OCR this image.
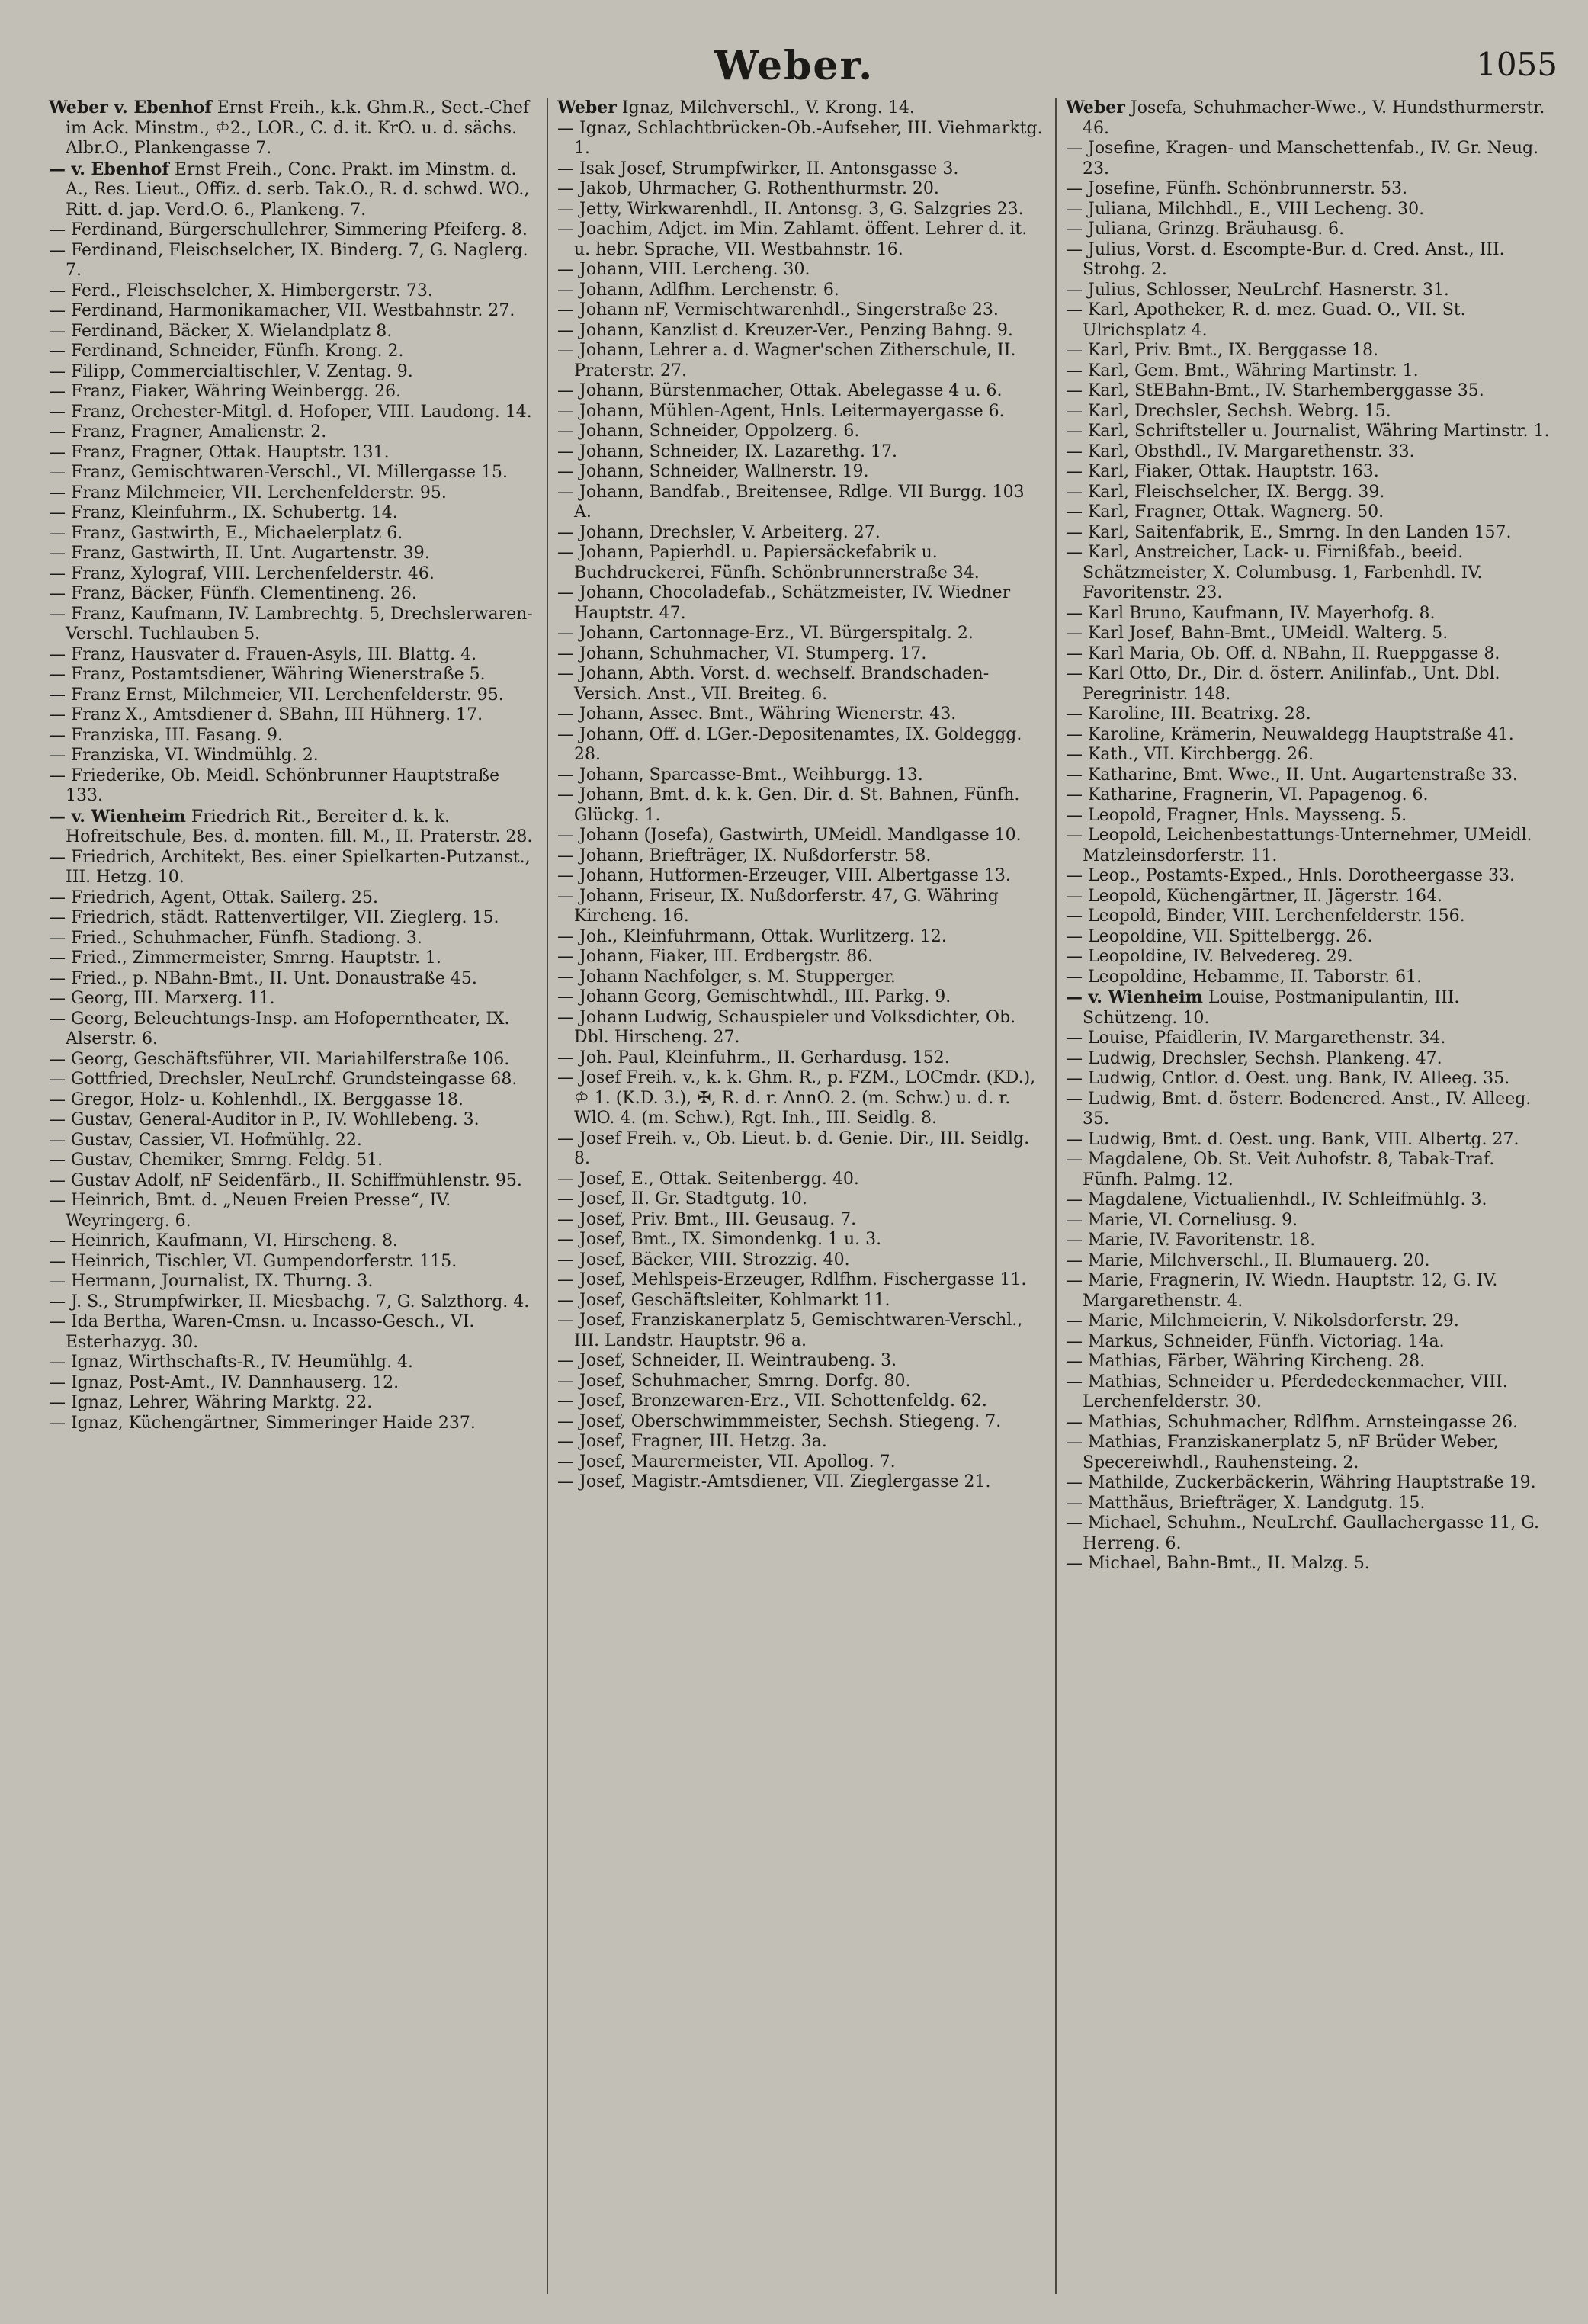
Weber.	1055

Weber v. Ebenhof Ernst Freih., k.k. Ghm.R., Sect.-Chef im Ack. Minstm., ♔2., LOR., C. d. it. KrO. u. d. sächs. Albr.O., Plankengasse 7.

— v. Ebenhof Ernst Freih., Conc. Prakt. im Minstm. d. A., Res. Lieut., Offiz. d. serb. Tak.O., R. d. schwd. WO., Ritt. d. jap. Verd.O. 6., Plankeng. 7.

— Ferdinand, Bürgerschullehrer, Simmering Pfeiferg. 8.

— Ferdinand, Fleischselcher, IX. Binderg. 7, G. Naglerg. 7.

— Ferd., Fleischselcher, X. Himbergerstr. 73.

— Ferdinand, Harmonikamacher, VII. Westbahnstr. 27.

— Ferdinand, Bäcker, X. Wielandplatz 8.

— Ferdinand, Schneider, Fünfh. Krong. 2.

— Filipp, Commercialtischler, V. Zentag. 9.

— Franz, Fiaker, Währing Weinbergg. 26.

— Franz, Orchester-Mitgl. d. Hofoper, VIII. Laudong. 14.

— Franz, Fragner, Amalienstr. 2.

— Franz, Fragner, Ottak. Hauptstr. 131.

— Franz, Gemischtwaren-Verschl., VI. Millergasse 15.

— Franz Milchmeier, VII. Lerchenfelderstr. 95.

— Franz, Kleinfuhrm., IX. Schubertg. 14.

— Franz, Gastwirth, E., Michaelerplatz 6.

— Franz, Gastwirth, II. Unt. Augartenstr. 39.

— Franz, Xylograf, VIII. Lerchenfelderstr. 46.

— Franz, Bäcker, Fünfh. Clementineng. 26.

— Franz, Kaufmann, IV. Lambrechtg. 5, Drechslerwaren-Verschl. Tuchlauben 5.

— Franz, Hausvater d. Frauen-Asyls, III. Blattg. 4.

— Franz, Postamtsdiener, Währing Wienerstraße 5.

— Franz Ernst, Milchmeier, VII. Lerchenfelderstr. 95.

— Franz X., Amtsdiener d. SBahn, III Hühnerg. 17.

— Franziska, III. Fasang. 9.

— Franziska, VI. Windmühlg. 2.

— Friederike, Ob. Meidl. Schönbrunner Hauptstraße 133.

— v. Wienheim Friedrich Rit., Bereiter d. k. k. Hofreitschule, Bes. d. monten. fill. M., II. Praterstr. 28.

— Friedrich, Architekt, Bes. einer Spielkarten-Putzanst., III. Hetzg. 10.

— Friedrich, Agent, Ottak. Sailerg. 25.

— Friedrich, städt. Rattenvertilger, VII. Zieglerg. 15.

— Fried., Schuhmacher, Fünfh. Stadiong. 3.

— Fried., Zimmermeister, Smrng. Hauptstr. 1.

— Fried., p. NBahn-Bmt., II. Unt. Donaustraße 45.

— Georg, III. Marxerg. 11.

— Georg, Beleuchtungs-Insp. am Hofoperntheater, IX. Alserstr. 6.

— Georg, Geschäftsführer, VII. Mariahilferstraße 106.

— Gottfried, Drechsler, NeuLrchf. Grundsteingasse 68.

— Gregor, Holz- u. Kohlenhdl., IX. Berggasse 18.

— Gustav, General-Auditor in P., IV. Wohllebeng. 3.

— Gustav, Cassier, VI. Hofmühlg. 22.

— Gustav, Chemiker, Smrng. Feldg. 51.

— Gustav Adolf, nF Seidenfärb., II. Schiffmühlenstr. 95.

— Heinrich, Bmt. d. „Neuen Freien Presse“, IV. Weyringerg. 6.

— Heinrich, Kaufmann, VI. Hirscheng. 8.

— Heinrich, Tischler, VI. Gumpendorferstr. 115.

— Hermann, Journalist, IX. Thurng. 3.

— J. S., Strumpfwirker, II. Miesbachg. 7, G. Salzthorg. 4.

— Ida Bertha, Waren-Cmsn. u. Incasso-Gesch., VI. Esterhazyg. 30.

— Ignaz, Wirthschafts-R., IV. Heumühlg. 4.

— Ignaz, Post-Amt., IV. Dannhauserg. 12.

— Ignaz, Lehrer, Währing Marktg. 22.

— Ignaz, Küchengärtner, Simmeringer Haide 237.

Weber Ignaz, Milchverschl., V. Krong. 14.

— Ignaz, Schlachtbrücken-Ob.-Aufseher, III. Viehmarktg. 1.

— Isak Josef, Strumpfwirker, II. Antonsgasse 3.

— Jakob, Uhrmacher, G. Rothenthurmstr. 20.

— Jetty, Wirkwarenhdl., II. Antonsg. 3, G. Salzgries 23.

— Joachim, Adjct. im Min. Zahlamt. öffent. Lehrer d. it. u. hebr. Sprache, VII. Westbahnstr. 16.

— Johann, VIII. Lercheng. 30.

— Johann, Adlfhm. Lerchenstr. 6.

— Johann nF, Vermischtwarenhdl., Singerstraße 23.

— Johann, Kanzlist d. Kreuzer-Ver., Penzing Bahng. 9.

— Johann, Lehrer a. d. Wagner'schen Zitherschule, II. Praterstr. 27.

— Johann, Bürstenmacher, Ottak. Abelegasse 4 u. 6.

— Johann, Mühlen-Agent, Hnls. Leitermayergasse 6.

— Johann, Schneider, Oppolzerg. 6.

— Johann, Schneider, IX. Lazarethg. 17.

— Johann, Schneider, Wallnerstr. 19.

— Johann, Bandfab., Breitensee, Rdlge. VII Burgg. 103 A.

— Johann, Drechsler, V. Arbeiterg. 27.

— Johann, Papierhdl. u. Papiersäckefabrik u. Buchdruckerei, Fünfh. Schönbrunnerstraße 34.

— Johann, Chocoladefab., Schätzmeister, IV. Wiedner Hauptstr. 47.

— Johann, Cartonnage-Erz., VI. Bürgerspitalg. 2.

— Johann, Schuhmacher, VI. Stumperg. 17.

— Johann, Abth. Vorst. d. wechself. Brandschaden-Versich. Anst., VII. Breiteg. 6.

— Johann, Assec. Bmt., Währing Wienerstr. 43.

— Johann, Off. d. LGer.-Depositenamtes, IX. Goldeggg. 28.

— Johann, Sparcasse-Bmt., Weihburgg. 13.

— Johann, Bmt. d. k. k. Gen. Dir. d. St. Bahnen, Fünfh. Glückg. 1.

— Johann (Josefa), Gastwirth, UMeidl. Mandlgasse 10.

— Johann, Briefträger, IX. Nußdorferstr. 58.

— Johann, Hutformen-Erzeuger, VIII. Albertgasse 13.

— Johann, Friseur, IX. Nußdorferstr. 47, G. Währing Kircheng. 16.

— Joh., Kleinfuhrmann, Ottak. Wurlitzerg. 12.

— Johann, Fiaker, III. Erdbergstr. 86.

— Johann Nachfolger, s. M. Stupperger.

— Johann Georg, Gemischtwhdl., III. Parkg. 9.

— Johann Ludwig, Schauspieler und Volksdichter, Ob. Dbl. Hirscheng. 27.

— Joh. Paul, Kleinfuhrm., II. Gerhardusg. 152.

— Josef Freih. v., k. k. Ghm. R., p. FZM., LOCmdr. (KD.), ♔ 1. (K.D. 3.), ✠, R. d. r. AnnO. 2. (m. Schw.) u. d. r. WlO. 4. (m. Schw.), Rgt. Inh., III. Seidlg. 8.

— Josef Freih. v., Ob. Lieut. b. d. Genie. Dir., III. Seidlg. 8.

— Josef, E., Ottak. Seitenbergg. 40.

— Josef, II. Gr. Stadtgutg. 10.

— Josef, Priv. Bmt., III. Geusaug. 7.

— Josef, Bmt., IX. Simondenkg. 1 u. 3.

— Josef, Bäcker, VIII. Strozzig. 40.

— Josef, Mehlspeis-Erzeuger, Rdlfhm. Fischergasse 11.

— Josef, Geschäftsleiter, Kohlmarkt 11.

— Josef, Franziskanerplatz 5, Gemischtwaren-Verschl., III. Landstr. Hauptstr. 96 a.

— Josef, Schneider, II. Weintraubeng. 3.

— Josef, Schuhmacher, Smrng. Dorfg. 80.

— Josef, Bronzewaren-Erz., VII. Schottenfeldg. 62.

— Josef, Oberschwimmmeister, Sechsh. Stiegeng. 7.

— Josef, Fragner, III. Hetzg. 3a.

— Josef, Maurermeister, VII. Apollog. 7.

— Josef, Magistr.-Amtsdiener, VII. Zieglergasse 21.

Weber Josefa, Schuhmacher-Wwe., V. Hundsthurmerstr. 46.

— Josefine, Kragen- und Manschettenfab., IV. Gr. Neug. 23.

— Josefine, Fünfh. Schönbrunnerstr. 53.

— Juliana, Milchhdl., E., VIII Lecheng. 30.

— Juliana, Grinzg. Bräuhausg. 6.

— Julius, Vorst. d. Escompte-Bur. d. Cred. Anst., III. Strohg. 2.

— Julius, Schlosser, NeuLrchf. Hasnerstr. 31.

— Karl, Apotheker, R. d. mez. Guad. O., VII. St. Ulrichsplatz 4.

— Karl, Priv. Bmt., IX. Berggasse 18.

— Karl, Gem. Bmt., Währing Martinstr. 1.

— Karl, StEBahn-Bmt., IV. Starhemberggasse 35.

— Karl, Drechsler, Sechsh. Webrg. 15.

— Karl, Schriftsteller u. Journalist, Währing Martinstr. 1.

— Karl, Obsthdl., IV. Margarethenstr. 33.

— Karl, Fiaker, Ottak. Hauptstr. 163.

— Karl, Fleischselcher, IX. Bergg. 39.

— Karl, Fragner, Ottak. Wagnerg. 50.

— Karl, Saitenfabrik, E., Smrng. In den Landen 157.

— Karl, Anstreicher, Lack- u. Firnißfab., beeid. Schätzmeister, X. Columbusg. 1, Farbenhdl. IV. Favoritenstr. 23.

— Karl Bruno, Kaufmann, IV. Mayerhofg. 8.

— Karl Josef, Bahn-Bmt., UMeidl. Walterg. 5.

— Karl Maria, Ob. Off. d. NBahn, II. Rueppgasse 8.

— Karl Otto, Dr., Dir. d. österr. Anilinfab., Unt. Dbl. Peregrinistr. 148.

— Karoline, III. Beatrixg. 28.

— Karoline, Krämerin, Neuwaldegg Hauptstraße 41.

— Kath., VII. Kirchbergg. 26.

— Katharine, Bmt. Wwe., II. Unt. Augartenstraße 33.

— Katharine, Fragnerin, VI. Papagenog. 6.

— Leopold, Fragner, Hnls. Maysseng. 5.

— Leopold, Leichenbestattungs-Unternehmer, UMeidl. Matzleinsdorferstr. 11.

— Leop., Postamts-Exped., Hnls. Dorotheergasse 33.

— Leopold, Küchengärtner, II. Jägerstr. 164.

— Leopold, Binder, VIII. Lerchenfelderstr. 156.

— Leopoldine, VII. Spittelbergg. 26.

— Leopoldine, IV. Belvedereg. 29.

— Leopoldine, Hebamme, II. Taborstr. 61.

— v. Wienheim Louise, Postmanipulantin, III. Schützeng. 10.

— Louise, Pfaidlerin, IV. Margarethenstr. 34.

— Ludwig, Drechsler, Sechsh. Plankeng. 47.

— Ludwig, Cntlor. d. Oest. ung. Bank, IV. Alleeg. 35.

— Ludwig, Bmt. d. österr. Bodencred. Anst., IV. Alleeg. 35.

— Ludwig, Bmt. d. Oest. ung. Bank, VIII. Albertg. 27.

— Magdalene, Ob. St. Veit Auhofstr. 8, Tabak-Traf. Fünfh. Palmg. 12.

— Magdalene, Victualienhdl., IV. Schleifmühlg. 3.

— Marie, VI. Corneliusg. 9.

— Marie, IV. Favoritenstr. 18.

— Marie, Milchverschl., II. Blumauerg. 20.

— Marie, Fragnerin, IV. Wiedn. Hauptstr. 12, G. IV. Margarethenstr. 4.

— Marie, Milchmeierin, V. Nikolsdorferstr. 29.

— Markus, Schneider, Fünfh. Victoriag. 14a.

— Mathias, Färber, Währing Kircheng. 28.

— Mathias, Schneider u. Pferdedeckenmacher, VIII. Lerchenfelderstr. 30.

— Mathias, Schuhmacher, Rdlfhm. Arnsteingasse 26.

— Mathias, Franziskanerplatz 5, nF Brüder Weber, Specereiwhdl., Rauhensteing. 2.

— Mathilde, Zuckerbäckerin, Währing Hauptstraße 19.

— Matthäus, Briefträger, X. Landgutg. 15.

— Michael, Schuhm., NeuLrchf. Gaullachergasse 11, G. Herreng. 6.

— Michael, Bahn-Bmt., II. Malzg. 5.
